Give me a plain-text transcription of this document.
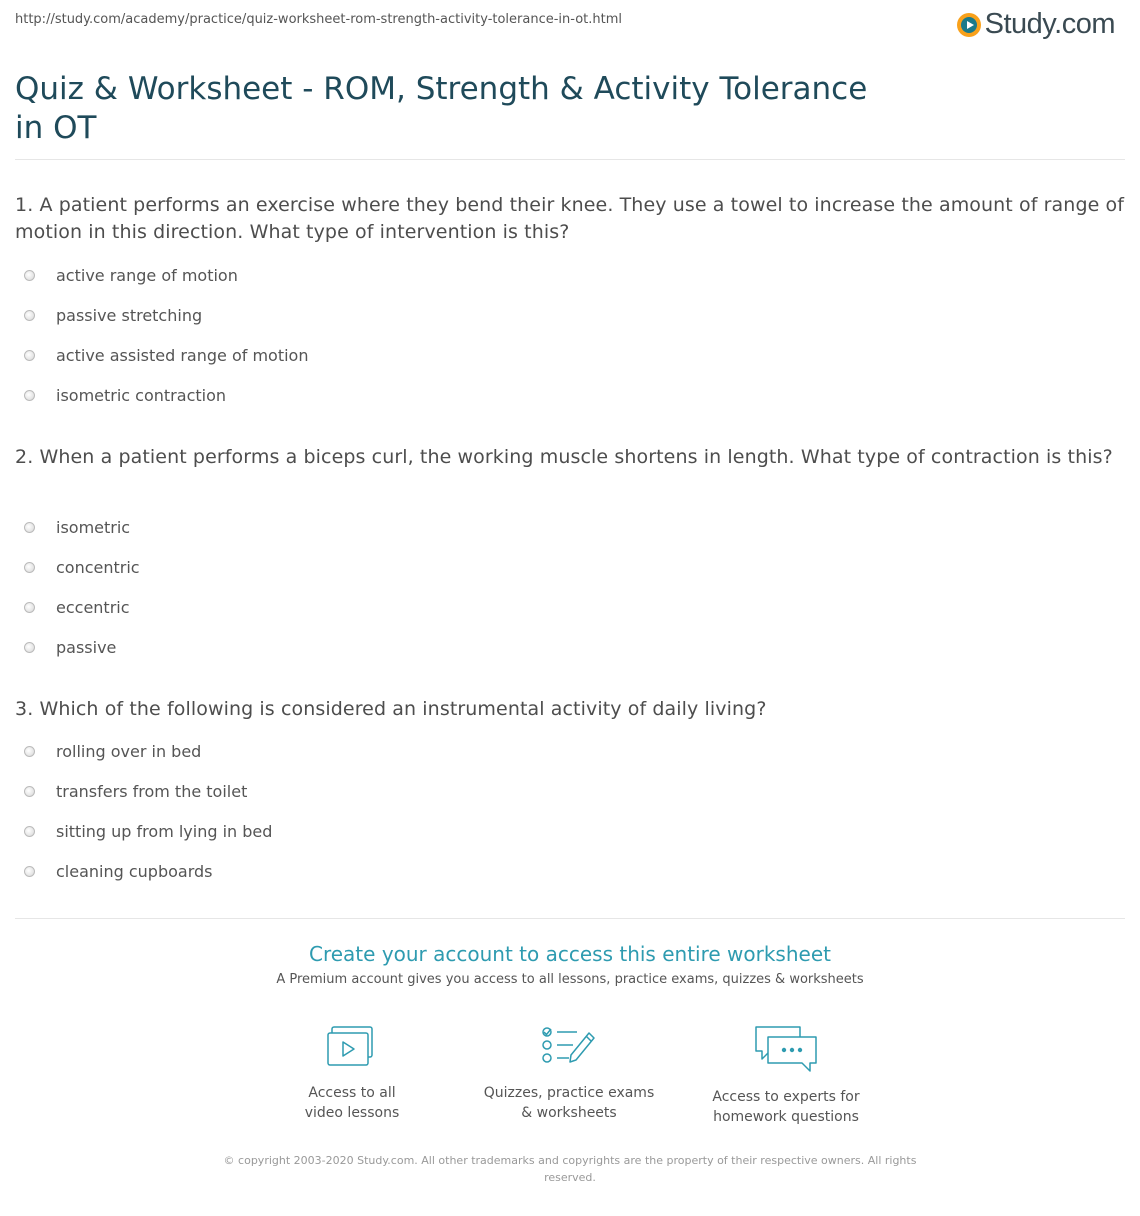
http://study.com/academy/practice/quiz-worksheet-rom-strength-activity-tolerance-in-ot.html	Study.com
Quiz & Worksheet - ROM, Strength & Activity Tolerance in OT
1. A patient performs an exercise where they bend their knee. They use a towel to increase the amount of range of motion in this direction. What type of intervention is this?
active range of motion
passive stretching
active assisted range of motion
isometric contraction
2. When a patient performs a biceps curl, the working muscle shortens in length. What type of contraction is this?
isometric
concentric
eccentric
passive
3. Which of the following is considered an instrumental activity of daily living?
rolling over in bed
transfers from the toilet
sitting up from lying in bed
cleaning cupboards
Create your account to access this entire worksheet
A Premium account gives you access to all lessons, practice exams, quizzes & worksheets
Access to all
video lessons
Quizzes, practice exams
& worksheets
Access to experts for
homework questions
© copyright 2003-2020 Study.com. All other trademarks and copyrights are the property of their respective owners. All rights reserved.
